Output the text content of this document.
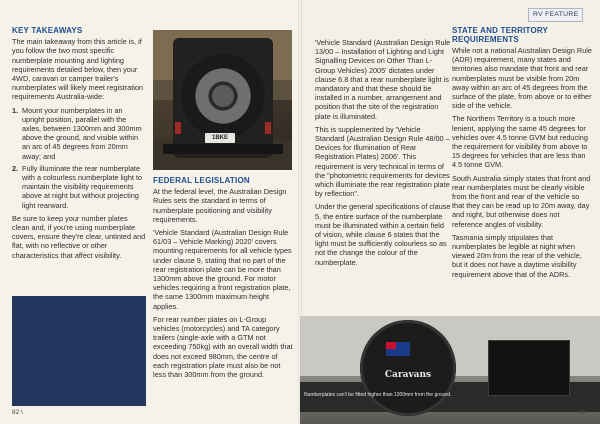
KEY TAKEAWAYS

The main takeaway from this article is, if you follow the two most specific numberplate mounting and lighting requirements detailed below, then your 4WD, caravan or camper trailer's numberplates will likely meet registration requirements Australia-wide:

1. Mount your numberplates in an upright position, parallel with the axles, between 1300mm and 300mm above the ground, and visible within an arc of 45 degrees from 20mm away; and
2. Fully illuminate the rear numberplate with a colourless numberplate light to maintain the visibility requirements above at night but without projecting light rearward.

Be sure to keep your number plates clean and, if you're using numberplate covers, ensure they're clear, untinted and flat, with no reflective or other characteristics that affect visibility.

82 \
1BKE
FEDERAL LEGISLATION

At the federal level, the Australian Design Rules sets the standard in terms of numberplate positioning and visibility requirements.

'Vehicle Standard (Australian Design Rule 61/03 – Vehicle Marking) 2020' covers mounting requirements for all vehicle types under clause 9, stating that no part of the rear registration plate can be more than 1300mm above the ground. For motor vehicles requiring a front registration plate, the same 1300mm maximum height applies.

For rear number plates on L-Group vehicles (motorcycles) and TA category trailers (single-axle with a GTM not exceeding 750kg) with an overall width that does not exceed 980mm, the centre of each registration plate must also be not less than 300mm from the ground.

RV FEATURE

'Vehicle Standard (Australian Design Rule 13/00 – Installation of Lighting and Light Signalling Devices on Other Than L-Group Vehicles) 2005' dictates under clause 6.8 that a rear numberplate light is mandatory and that these should be installed in a number, arrangement and position that the site of the registration plate is illuminated.

This is supplemented by 'Vehicle Standard (Australian Design Rule 48/00 – Devices for Illumination of Rear Registration Plates) 2006'. This requirement is very technical in terms of the "photometric requirements for devices which illuminate the rear registration plate by reflection".

Under the general specifications of clause 5, the entire surface of the numberplate must be illuminated within a certain field of vision, while clause 6 states that the light must be sufficiently colourless so as not the change the colour of the numberplate.

STATE AND TERRITORY
REQUIREMENTS

While not a national Australian Design Rule (ADR) requirement, many states and territories also mandate that front and rear numberplates must be visible from 20m away within an arc of 45 degrees from the surface of the plate, from above or to either side of the vehicle.

The Northern Territory is a touch more lenient, applying the same 45 degrees for vehicles over 4.5 tonne GVM but reducing the requirement for visibility from above to 15 degrees for vehicles that are less than 4.5 tonne GVM.

South Australia simply states that front and rear numberplates must be clearly visible from the front and rear of the vehicle so that they can be read up to 20m away, day and night, but otherwise does not reference angles of visibility.

Tasmania simply stipulates that numberplates be legible at night when viewed 20m from the rear of the vehicle, but it does not have a daytime visibility requirement above that of the ADRs.

Caravans
Numberplates can't be fitted higher than 1300mm from the ground.
83
